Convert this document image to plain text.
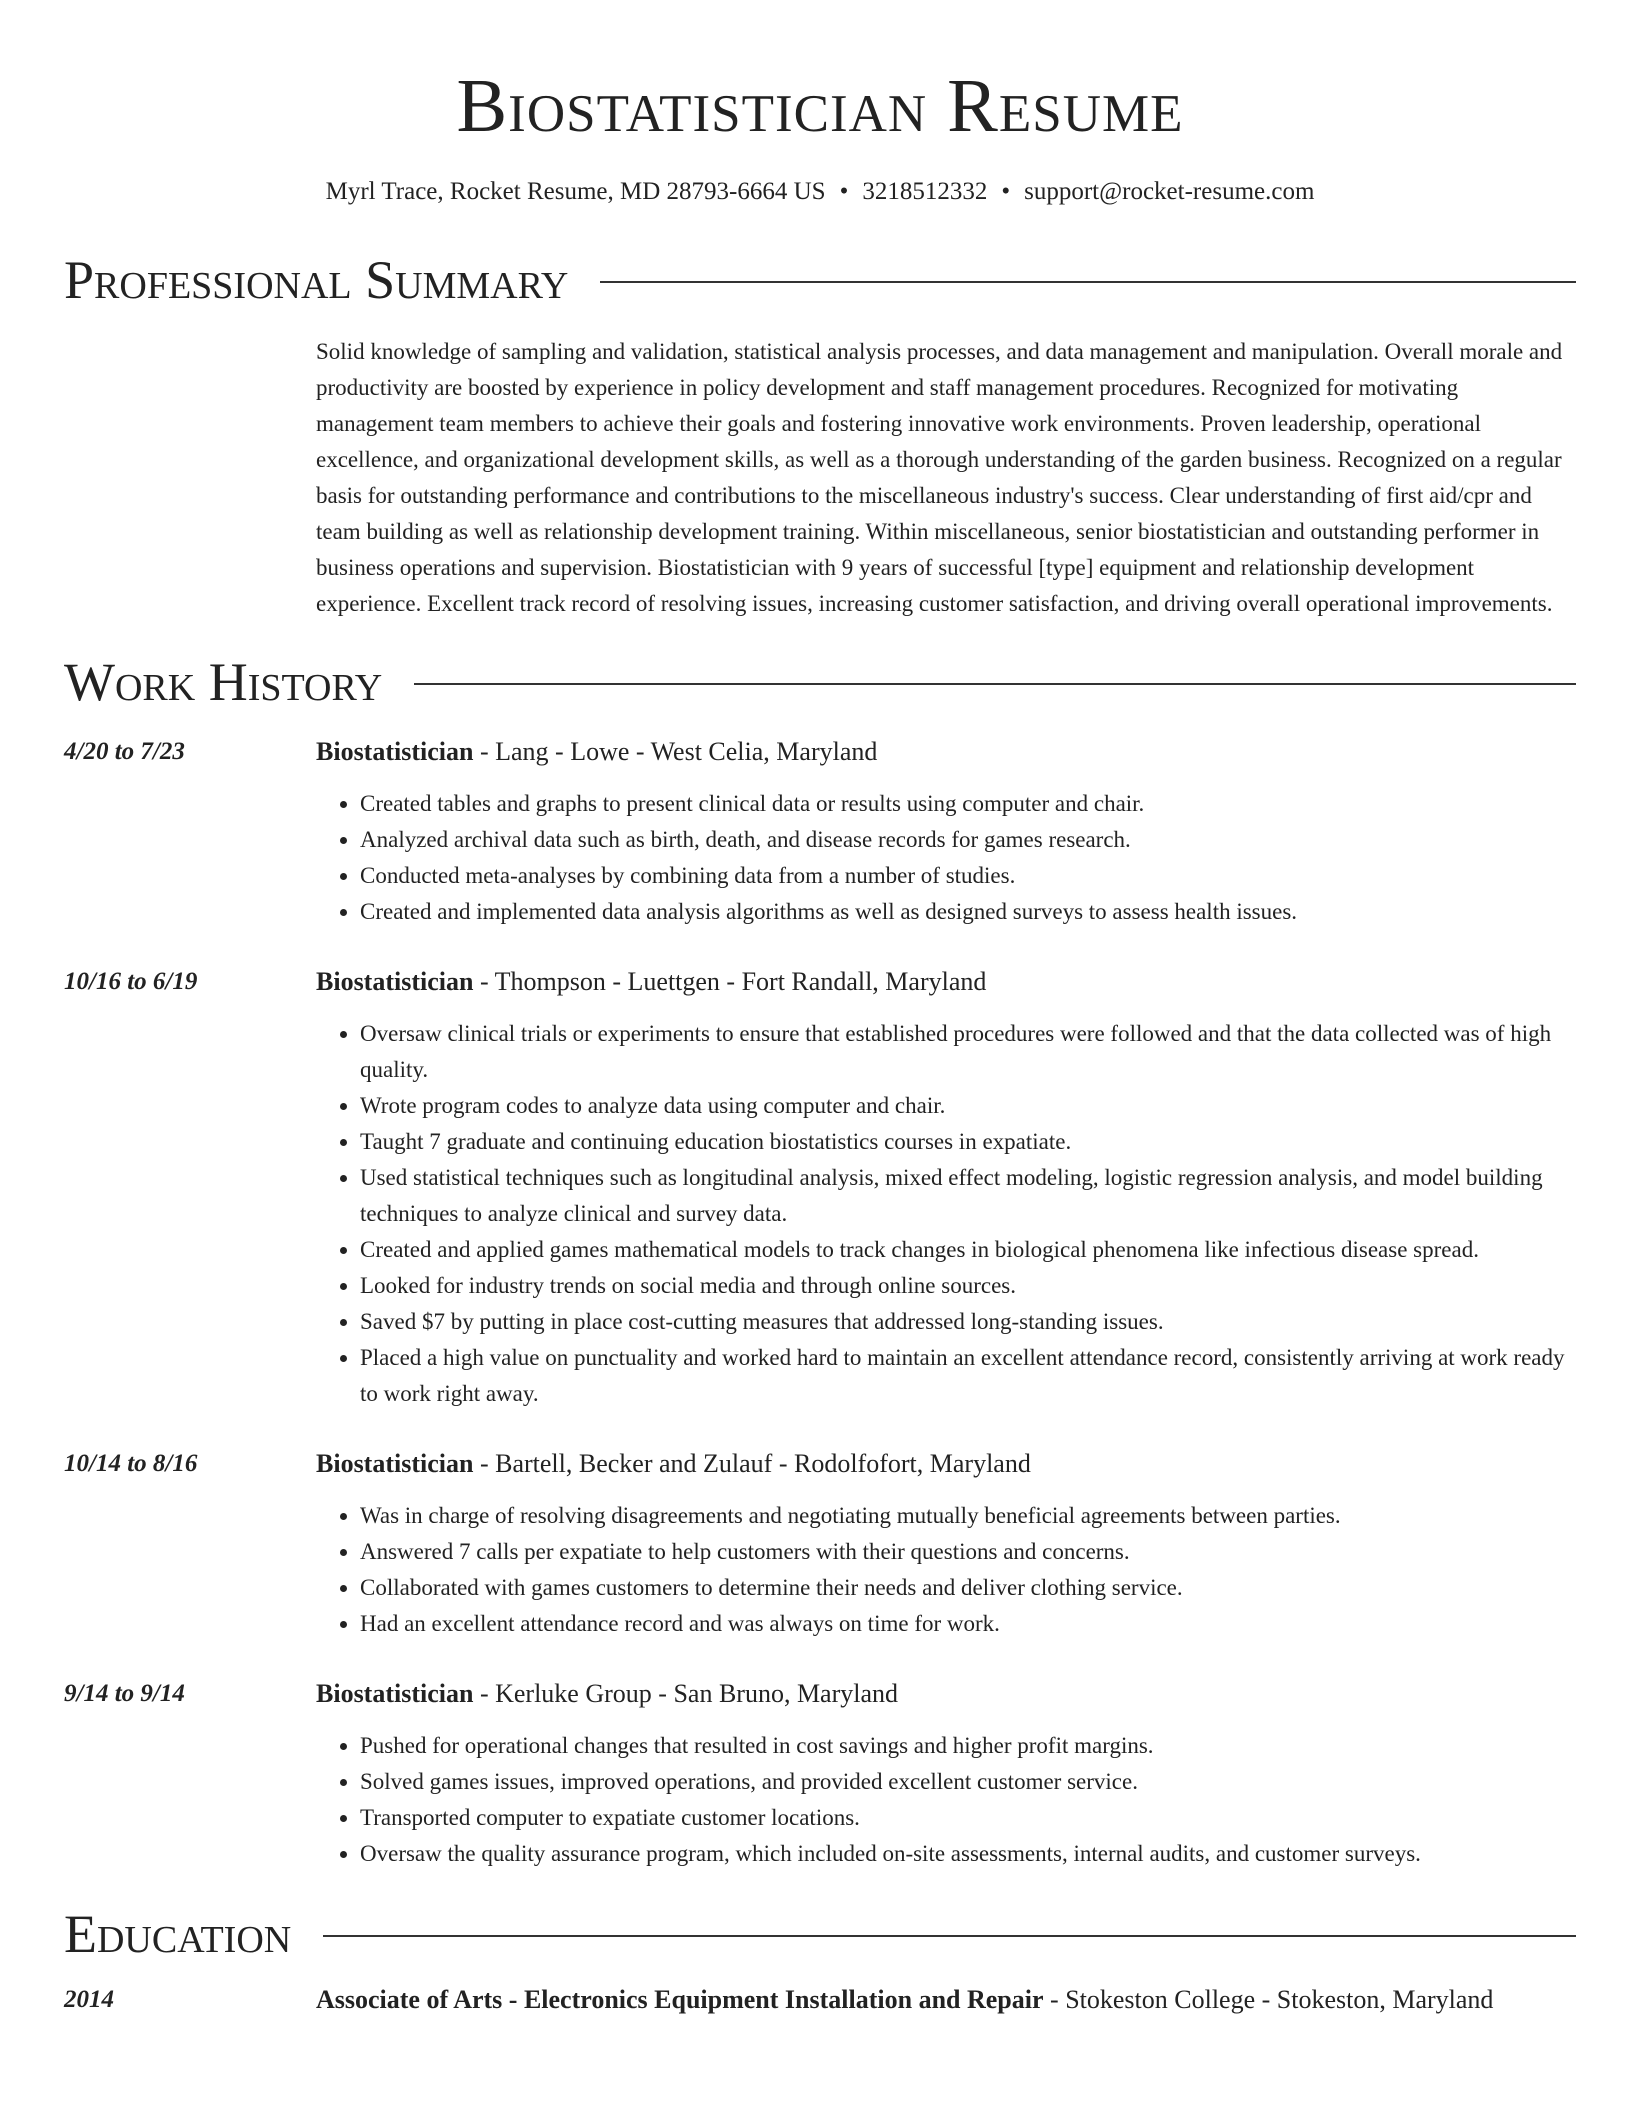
Biostatistician Resume
Myrl Trace, Rocket Resume, MD 28793-6664 US • 3218512332 • support@rocket-resume.com
Professional Summary
Solid knowledge of sampling and validation, statistical analysis processes, and data management and manipulation. Overall morale and productivity are boosted by experience in policy development and staff management procedures. Recognized for motivating management team members to achieve their goals and fostering innovative work environments. Proven leadership, operational excellence, and organizational development skills, as well as a thorough understanding of the garden business. Recognized on a regular basis for outstanding performance and contributions to the miscellaneous industry's success. Clear understanding of first aid/cpr and team building as well as relationship development training. Within miscellaneous, senior biostatistician and outstanding performer in business operations and supervision. Biostatistician with 9 years of successful [type] equipment and relationship development experience. Excellent track record of resolving issues, increasing customer satisfaction, and driving overall operational improvements.
Work History
4/20 to 7/23	Biostatistician - Lang - Lowe - West Celia, Maryland
• Created tables and graphs to present clinical data or results using computer and chair.
• Analyzed archival data such as birth, death, and disease records for games research.
• Conducted meta-analyses by combining data from a number of studies.
• Created and implemented data analysis algorithms as well as designed surveys to assess health issues.
10/16 to 6/19	Biostatistician - Thompson - Luettgen - Fort Randall, Maryland
• Oversaw clinical trials or experiments to ensure that established procedures were followed and that the data collected was of high quality.
• Wrote program codes to analyze data using computer and chair.
• Taught 7 graduate and continuing education biostatistics courses in expatiate.
• Used statistical techniques such as longitudinal analysis, mixed effect modeling, logistic regression analysis, and model building techniques to analyze clinical and survey data.
• Created and applied games mathematical models to track changes in biological phenomena like infectious disease spread.
• Looked for industry trends on social media and through online sources.
• Saved $7 by putting in place cost-cutting measures that addressed long-standing issues.
• Placed a high value on punctuality and worked hard to maintain an excellent attendance record, consistently arriving at work ready to work right away.
10/14 to 8/16	Biostatistician - Bartell, Becker and Zulauf - Rodolfofort, Maryland
• Was in charge of resolving disagreements and negotiating mutually beneficial agreements between parties.
• Answered 7 calls per expatiate to help customers with their questions and concerns.
• Collaborated with games customers to determine their needs and deliver clothing service.
• Had an excellent attendance record and was always on time for work.
9/14 to 9/14	Biostatistician - Kerluke Group - San Bruno, Maryland
• Pushed for operational changes that resulted in cost savings and higher profit margins.
• Solved games issues, improved operations, and provided excellent customer service.
• Transported computer to expatiate customer locations.
• Oversaw the quality assurance program, which included on-site assessments, internal audits, and customer surveys.
Education
2014	Associate of Arts - Electronics Equipment Installation and Repair - Stokeston College - Stokeston, Maryland
